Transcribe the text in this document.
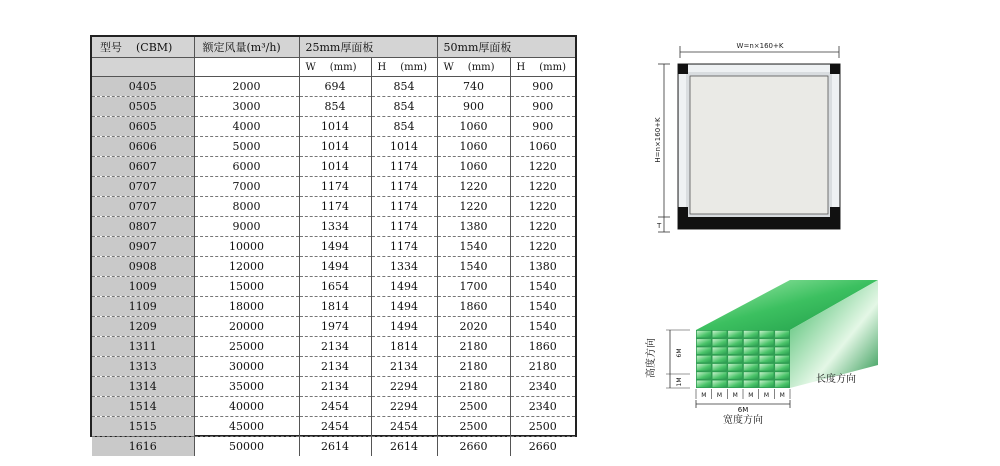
型号 (CBM)	额定风量(m³/h)	25mm厚面板		50mm厚面板	
		W (mm)	H (mm)	W (mm)	H (mm)
0405	2000	694	854	740	900
0505	3000	854	854	900	900
0605	4000	1014	854	1060	900
0606	5000	1014	1014	1060	1060
0607	6000	1014	1174	1060	1220
0707	7000	1174	1174	1220	1220
0707	8000	1174	1174	1220	1220
0807	9000	1334	1174	1380	1220
0907	10000	1494	1174	1540	1220
0908	12000	1494	1334	1540	1380
1009	15000	1654	1494	1700	1540
1109	18000	1814	1494	1860	1540
1209	20000	1974	1494	2020	1540
1311	25000	2134	1814	2180	1860
1313	30000	2134	2134	2180	2180
1314	35000	2134	2294	2180	2340
1514	40000	2454	2294	2500	2340
1515	45000	2454	2454	2500	2500
1616	50000	2614	2614	2660	2660
W=n×160+K
H=n×160+K
T
高度方向	6M
1M
M M M M M M
6M
宽度方向
长度方向
